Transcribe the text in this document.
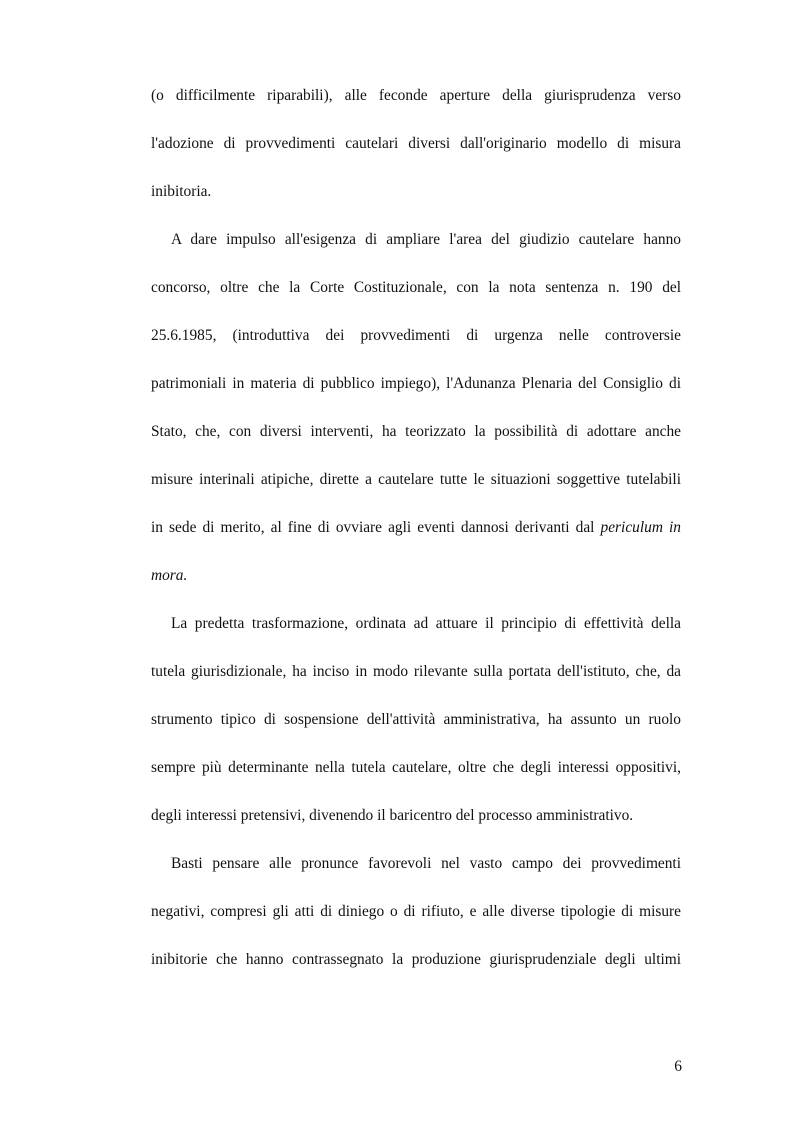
(o difficilmente riparabili), alle feconde aperture della giurisprudenza verso
l'adozione di provvedimenti cautelari diversi dall'originario modello di misura
inibitoria.
A dare impulso all'esigenza di ampliare l'area del giudizio cautelare hanno
concorso, oltre che la Corte Costituzionale, con la nota sentenza n. 190 del
25.6.1985, (introduttiva dei provvedimenti di urgenza nelle controversie
patrimoniali in materia di pubblico impiego), l'Adunanza Plenaria del Consiglio di
Stato, che, con diversi interventi, ha teorizzato la possibilità di adottare anche
misure interinali atipiche, dirette a cautelare tutte le situazioni soggettive tutelabili
in sede di merito, al fine di ovviare agli eventi dannosi derivanti dal periculum in
mora.
La predetta trasformazione, ordinata ad attuare il principio di effettività della
tutela giurisdizionale, ha inciso in modo rilevante sulla portata dell'istituto, che, da
strumento tipico di sospensione dell'attività amministrativa, ha assunto un ruolo
sempre più determinante nella tutela cautelare, oltre che degli interessi oppositivi,
degli interessi pretensivi, divenendo il baricentro del processo amministrativo.
Basti pensare alle pronunce favorevoli nel vasto campo dei provvedimenti
negativi, compresi gli atti di diniego o di rifiuto, e alle diverse tipologie di misure
inibitorie che hanno contrassegnato la produzione giurisprudenziale degli ultimi
6
